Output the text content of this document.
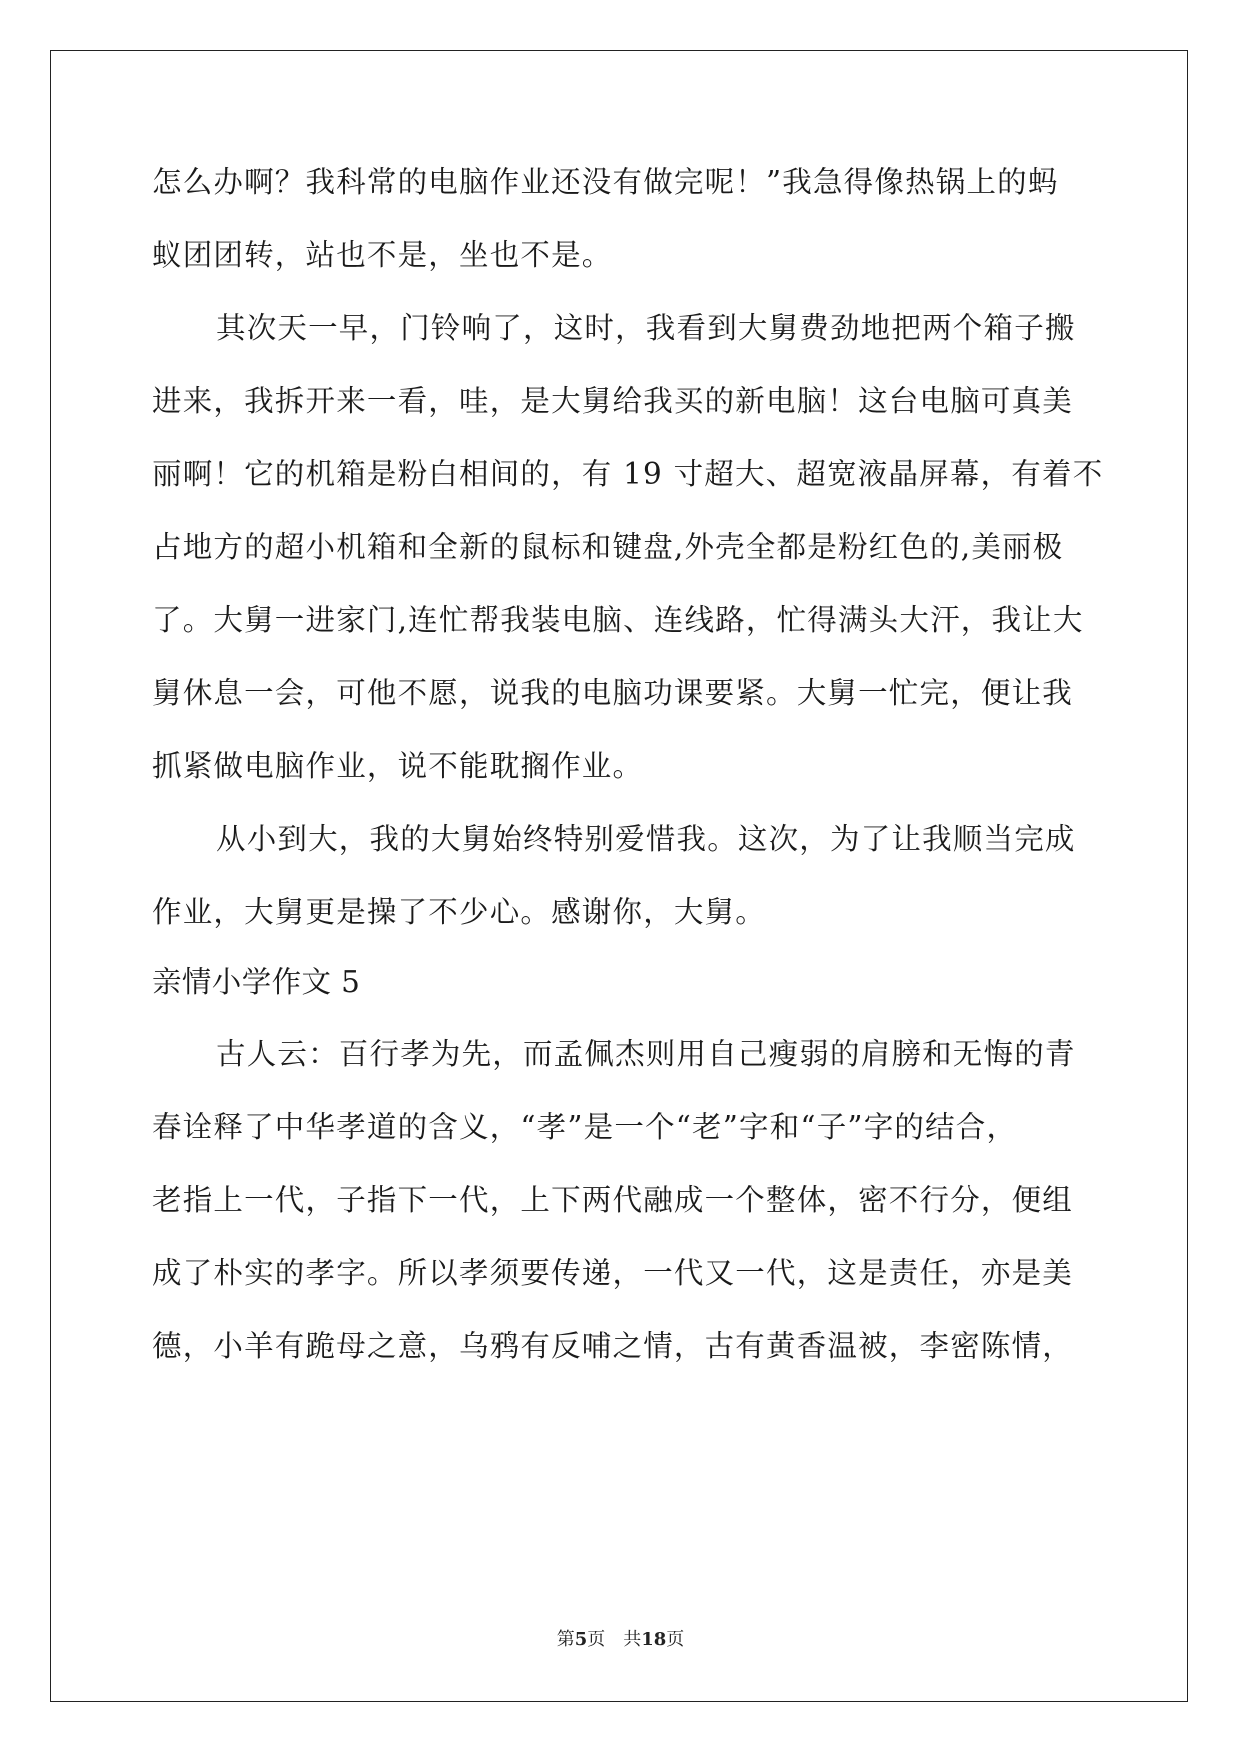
怎么办啊？我科常的电脑作业还没有做完呢！”我急得像热锅上的蚂
蚁团团转，站也不是，坐也不是。
其次天一早，门铃响了，这时，我看到大舅费劲地把两个箱子搬
进来，我拆开来一看，哇，是大舅给我买的新电脑！这台电脑可真美
丽啊！它的机箱是粉白相间的，有 19 寸超大、超宽液晶屏幕，有着不
占地方的超小机箱和全新的鼠标和键盘,外壳全都是粉红色的,美丽极
了。大舅一进家门,连忙帮我装电脑、连线路，忙得满头大汗，我让大
舅休息一会，可他不愿，说我的电脑功课要紧。大舅一忙完，便让我
抓紧做电脑作业，说不能耽搁作业。
从小到大，我的大舅始终特别爱惜我。这次，为了让我顺当完成
作业，大舅更是操了不少心。感谢你，大舅。
亲情小学作文 5
古人云：百行孝为先，而孟佩杰则用自己瘦弱的肩膀和无悔的青
春诠释了中华孝道的含义，“孝”是一个“老”字和“子”字的结合，
老指上一代，子指下一代，上下两代融成一个整体，密不行分，便组
成了朴实的孝字。所以孝须要传递，一代又一代，这是责任，亦是美
德，小羊有跪母之意，乌鸦有反哺之情，古有黄香温被，李密陈情，
第5页 共18页
